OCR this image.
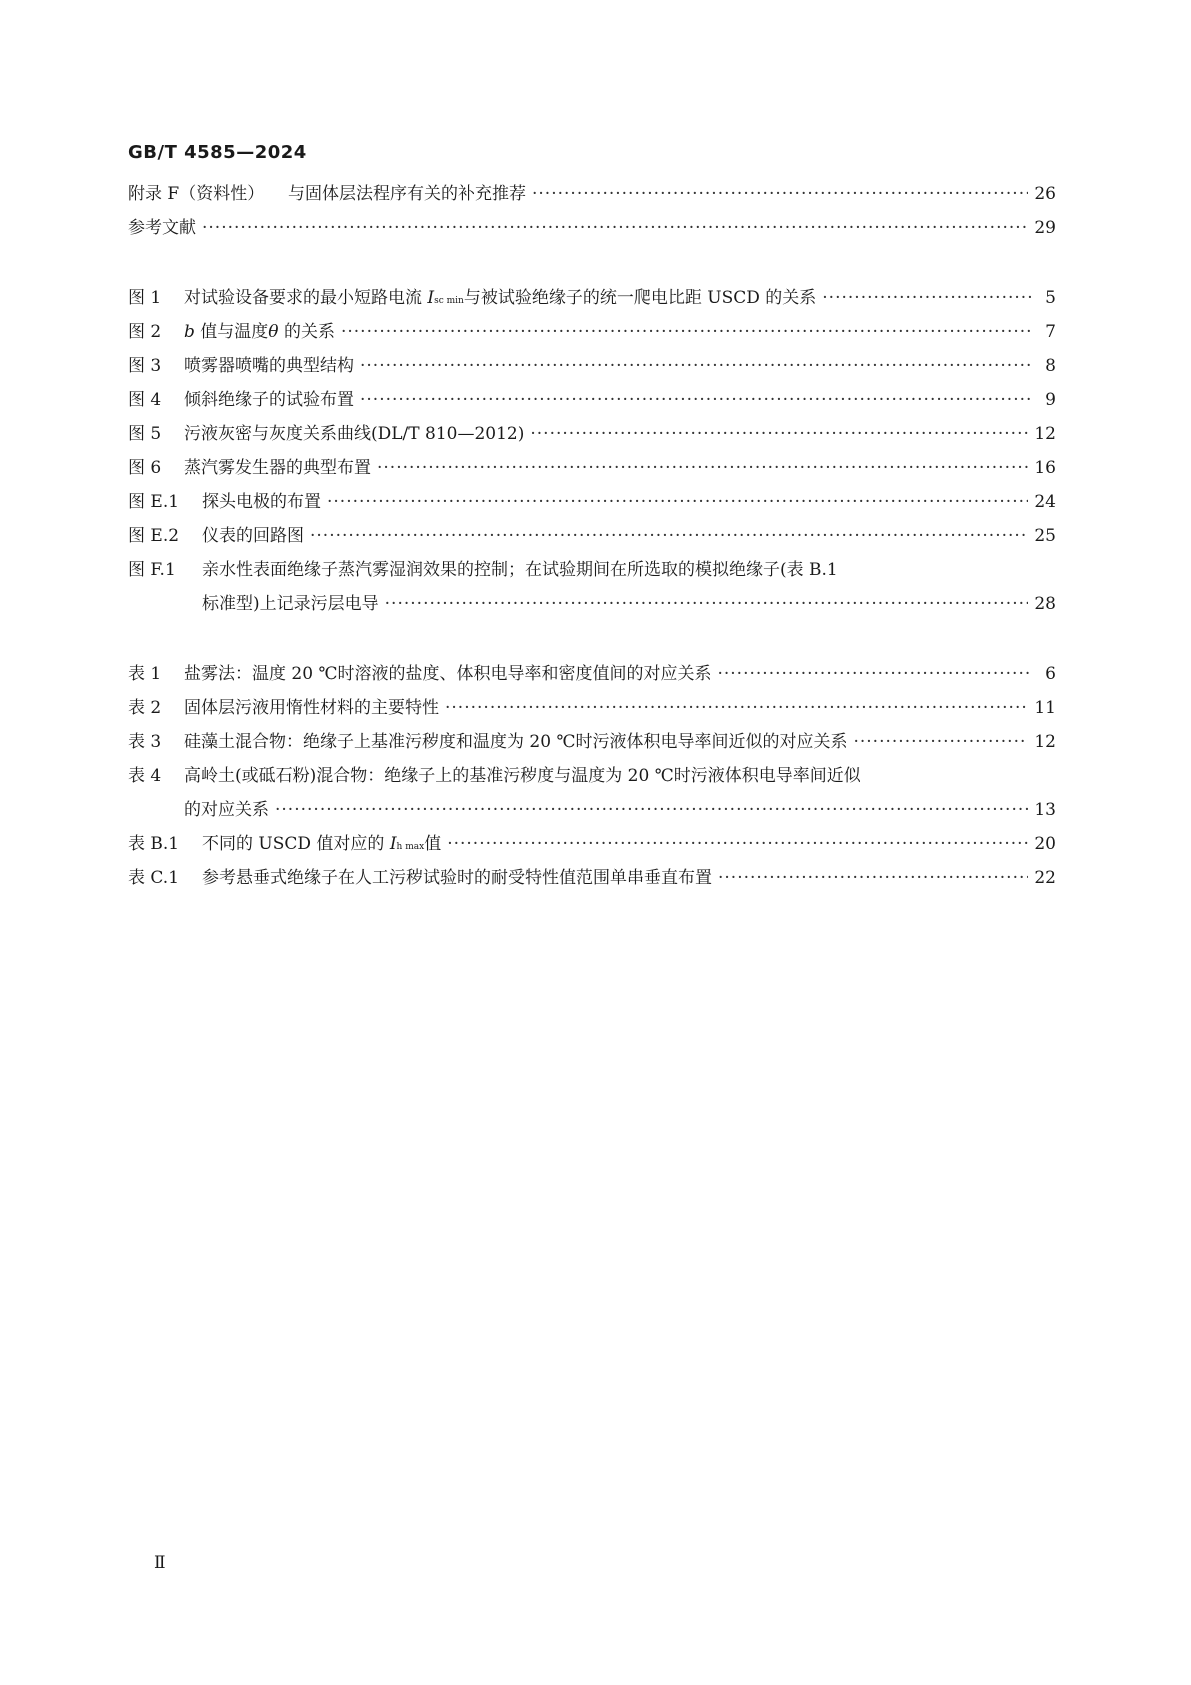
GB/T 4585—2024
附录 F（资料性）	与固体层法程序有关的补充推荐 ·····	26
参考文献 ·····	29
图 1	对试验设备要求的最小短路电流 Isc min与被试验绝缘子的统一爬电比距 USCD 的关系 ·····	5
图 2	b 值与温度θ 的关系 ·····	7
图 3	喷雾器喷嘴的典型结构 ·····	8
图 4	倾斜绝缘子的试验布置 ·····	9
图 5	污液灰密与灰度关系曲线(DL/T 810—2012) ·····	12
图 6	蒸汽雾发生器的典型布置 ·····	16
图 E.1	探头电极的布置 ·····	24
图 E.2	仪表的回路图 ·····	25
图 F.1 亲水性表面绝缘子蒸汽雾湿润效果的控制；在试验期间在所选取的模拟绝缘子(表 B.1
标准型)上记录污层电导 ·····	28
表 1	盐雾法：温度 20 ℃时溶液的盐度、体积电导率和密度值间的对应关系 ·····	6
表 2	固体层污液用惰性材料的主要特性 ·····	11
表 3	硅藻土混合物：绝缘子上基准污秽度和温度为 20 ℃时污液体积电导率间近似的对应关系 ·····	12
表 4 高岭土(或砥石粉)混合物：绝缘子上的基准污秽度与温度为 20 ℃时污液体积电导率间近似
的对应关系 ·····	13
表 B.1	不同的 USCD 值对应的 Ih max值 ·····	20
表 C.1	参考悬垂式绝缘子在人工污秽试验时的耐受特性值范围单串垂直布置 ·····	22
Ⅱ
